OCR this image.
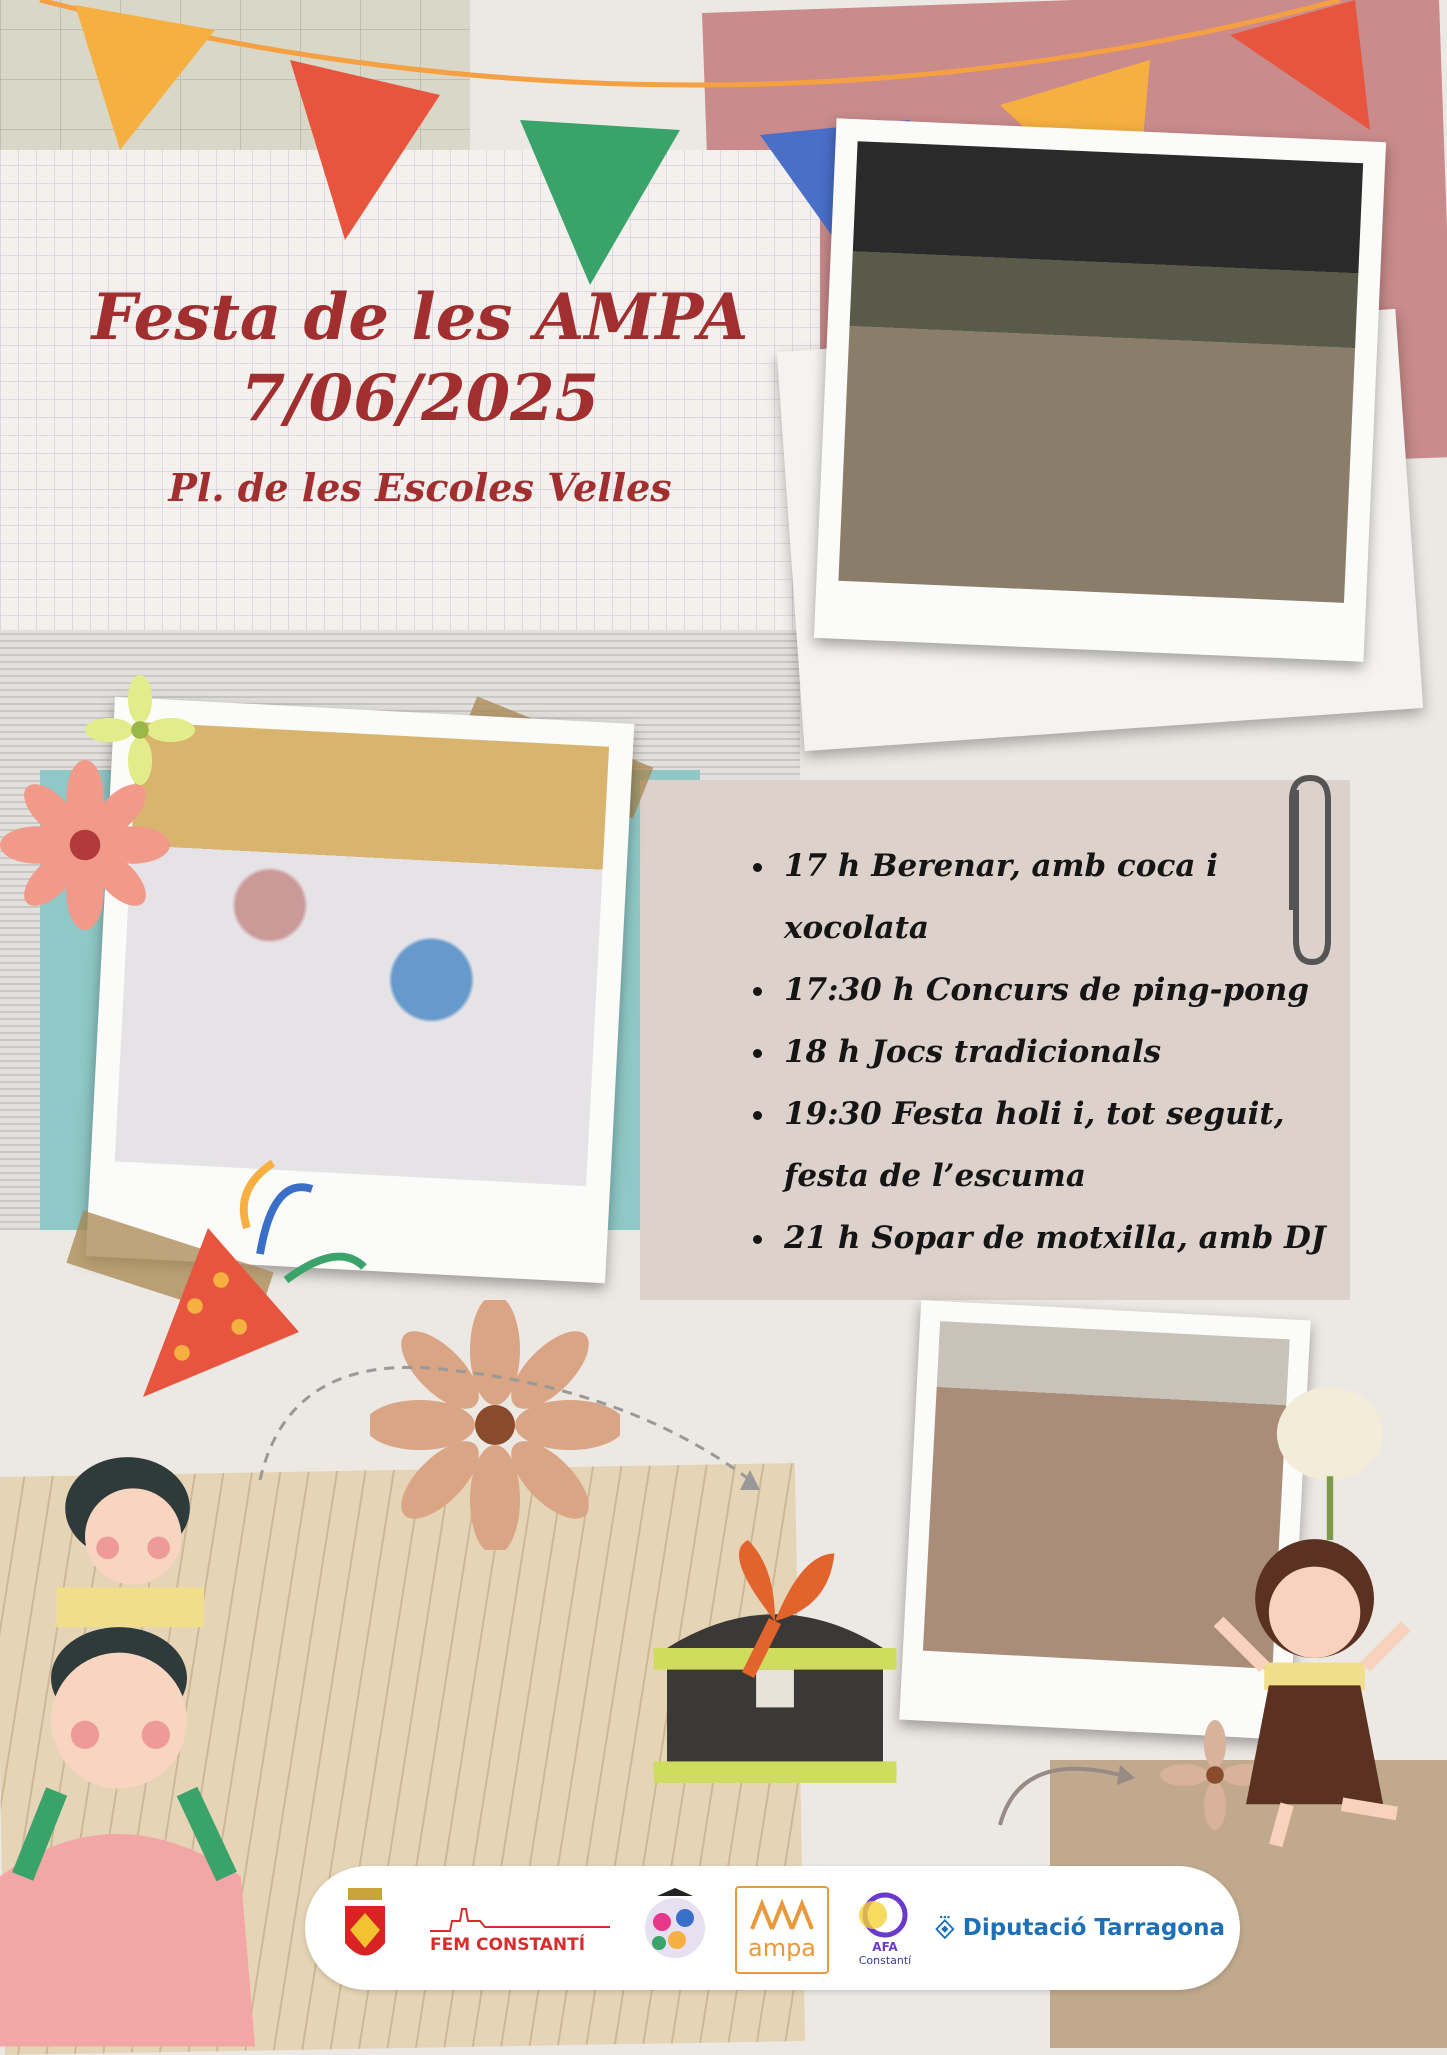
Festa de les AMPA
7/06/2025
Pl. de les Escoles Velles
• 17 h Berenar, amb coca i xocolata
• 17:30 h Concurs de ping-pong
• 18 h Jocs tradicionals
• 19:30 Festa holi i, tot seguit, festa de l’escuma
• 21 h Sopar de motxilla, amb DJ
FEM CONSTANTÍ	ampa	AFA
Constantí
Diputació Tarragona
